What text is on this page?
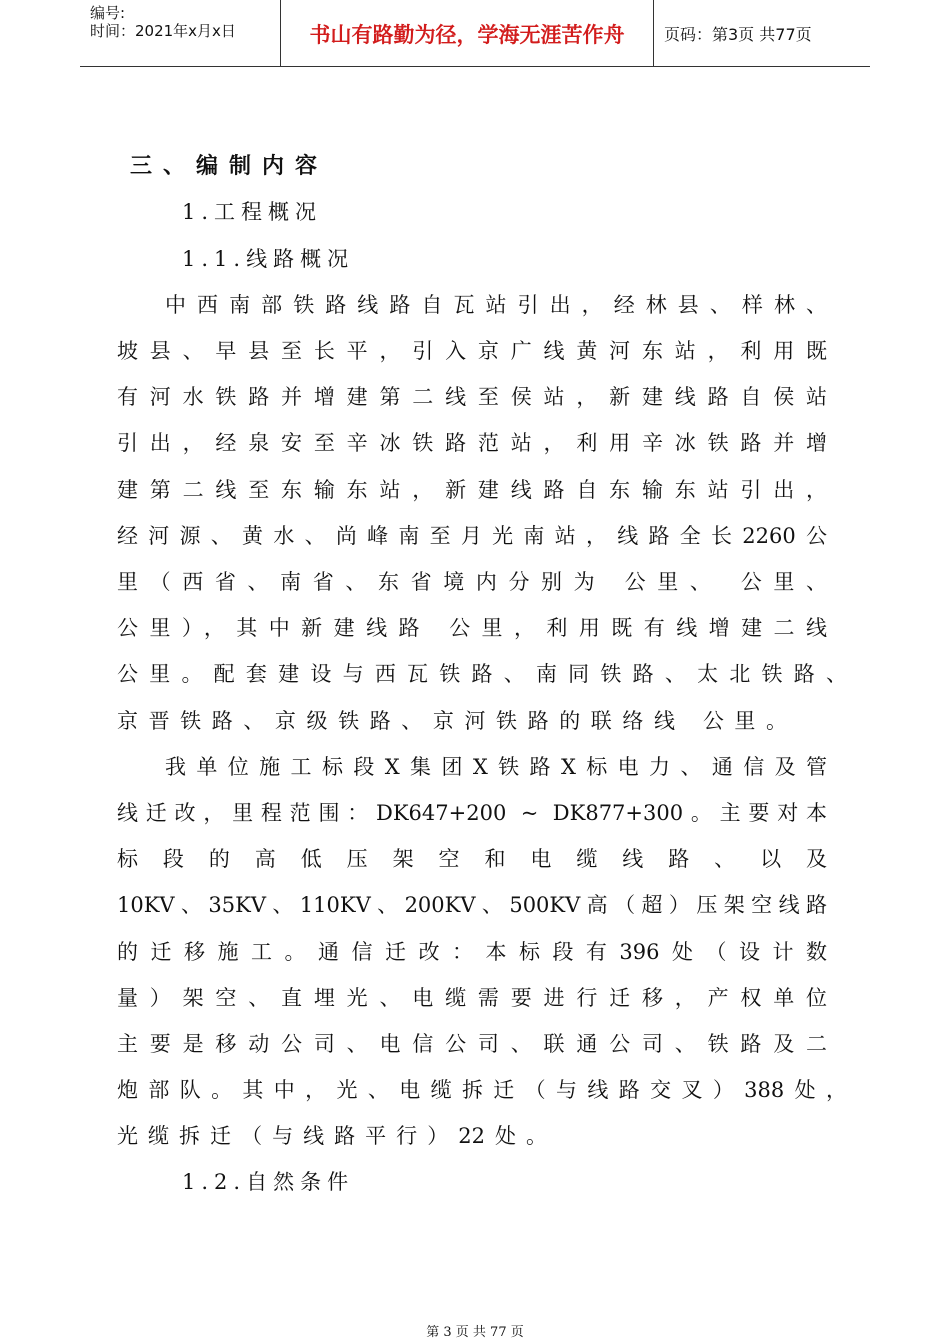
编号:
时间：2021年x月x日	书山有路勤为径，学海无涯苦作舟	页码：第3页 共77页
三、编制内容
1.工程概况
1.1.线路概况
中西南部铁路线路自瓦站引出，经林县、样林、
坡县、早县至长平，引入京广线黄河东站，利用既
有河水铁路并增建第二线至侯站，新建线路自侯站
引出，经泉安至辛冰铁路范站，利用辛冰铁路并增
建第二线至东输东站，新建线路自东输东站引出，
经河源、黄水、尚峰南至月光南站，线路全长2260公
里（西省、南省、东省境内分别为 公里、 公里、
公里），其中新建线路 公里，利用既有线增建二线
公里。配套建设与西瓦铁路、南同铁路、太北铁路、
京晋铁路、京级铁路、京河铁路的联络线 公里。
我单位施工标段X集团X铁路X标电力、通信及管
线迁改，里程范围：DK647+200 ~ DK877+300。主要对本
标段的高低压架空和电缆线路、以及
10KV、35KV、110KV、200KV、500KV高（超）压架空线路
的迁移施工。通信迁改：本标段有396处（设计数
量）架空、直埋光、电缆需要进行迁移，产权单位
主要是移动公司、电信公司、联通公司、铁路及二
炮部队。其中，光、电缆拆迁（与线路交叉）388处，
光缆拆迁（与线路平行）22处。
1.2.自然条件
第 3 页 共 77 页
